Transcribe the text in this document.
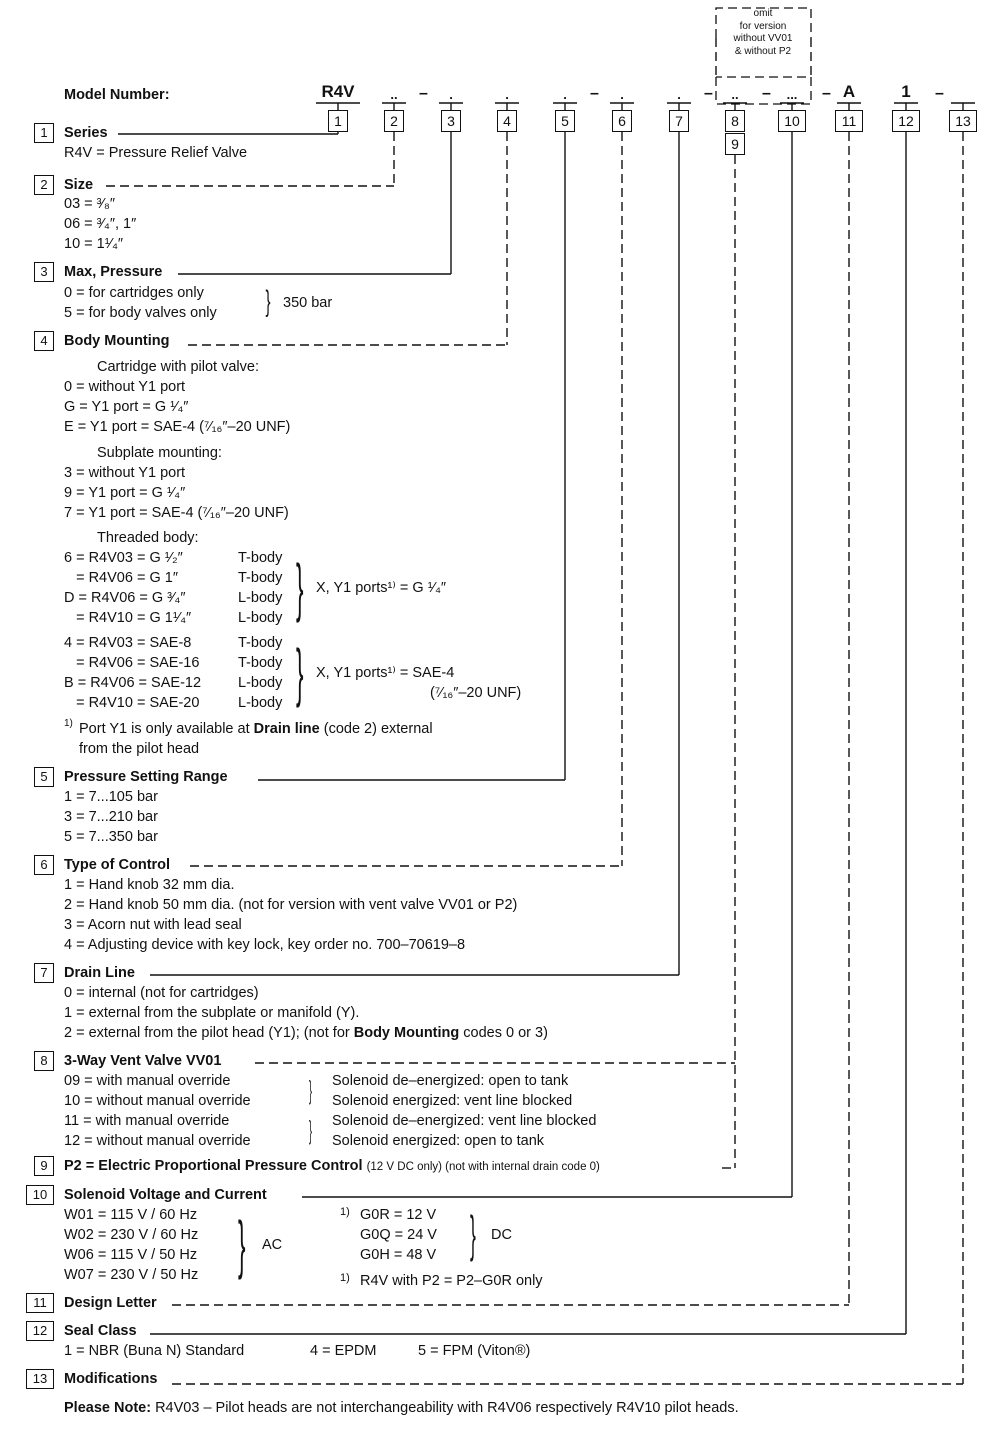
Model Number:
1
R4V
2
..
3
.
4
.
5
.
6
.
7
.
8
..
9
10
...
11
A
12
1
13
–	–	–	–	–	–
omit
for version
without VV01
& without P2
1	Series
R4V = Pressure Relief Valve
2	Size
03 = ³⁄₈″
06 = ³⁄₄″, 1″
10 = 1¹⁄₄″
3	Max, Pressure
0 = for cartridges only
5 = for body valves only } 350 bar
4	Body Mounting
Cartridge with pilot valve:
0 = without Y1 port
G = Y1 port = G ¹⁄₄″
E = Y1 port = SAE-4 (⁷⁄₁₆″–20 UNF)
Subplate mounting:
3 = without Y1 port
9 = Y1 port = G ¹⁄₄″
7 = Y1 port = SAE-4 (⁷⁄₁₆″–20 UNF)
Threaded body:
6 = R4V03 = G ¹⁄₂″	T-body
= R4V06 = G 1″	T-body
D = R4V06 = G ³⁄₄″	L-body
= R4V10 = G 1¹⁄₄″	L-body } X, Y1 ports¹⁾ = G ¹⁄₄″
4 = R4V03 = SAE-8	T-body
= R4V06 = SAE-16	T-body
B = R4V06 = SAE-12	L-body
= R4V10 = SAE-20	L-body } X, Y1 ports¹⁾ = SAE-4
(⁷⁄₁₆″–20 UNF)
1) Port Y1 is only available at Drain line (code 2) external
from the pilot head
5	Pressure Setting Range
1 = 7...105 bar
3 = 7...210 bar
5 = 7...350 bar
6	Type of Control
1 = Hand knob 32 mm dia.
2 = Hand knob 50 mm dia. (not for version with vent valve VV01 or P2)
3 = Acorn nut with lead seal
4 = Adjusting device with key lock, key order no. 700–70619–8
7	Drain Line
0 = internal (not for cartridges)
1 = external from the subplate or manifold (Y).
2 = external from the pilot head (Y1); (not for Body Mounting codes 0 or 3)
8	3-Way Vent Valve VV01
09 = with manual override	Solenoid de–energized: open to tank
10 = without manual override	Solenoid energized: vent line blocked
11 = with manual override	Solenoid de–energized: vent line blocked
12 = without manual override	Solenoid energized: open to tank
}
}
9	P2 = Electric Proportional Pressure Control (12 V DC only) (not with internal drain code 0)
10	Solenoid Voltage and Current
W01 = 115 V / 60 Hz
W02 = 230 V / 60 Hz
W06 = 115 V / 50 Hz
W07 = 230 V / 50 Hz } AC
1) G0R = 12 V
G0Q = 24 V
G0H = 48 V } DC
1) R4V with P2 = P2–G0R only
11	Design Letter
12	Seal Class
1 = NBR (Buna N) Standard	4 = EPDM	5 = FPM (Viton®)
13	Modifications
Please Note: R4V03 – Pilot heads are not interchangeability with R4V06 respectively R4V10 pilot heads.
